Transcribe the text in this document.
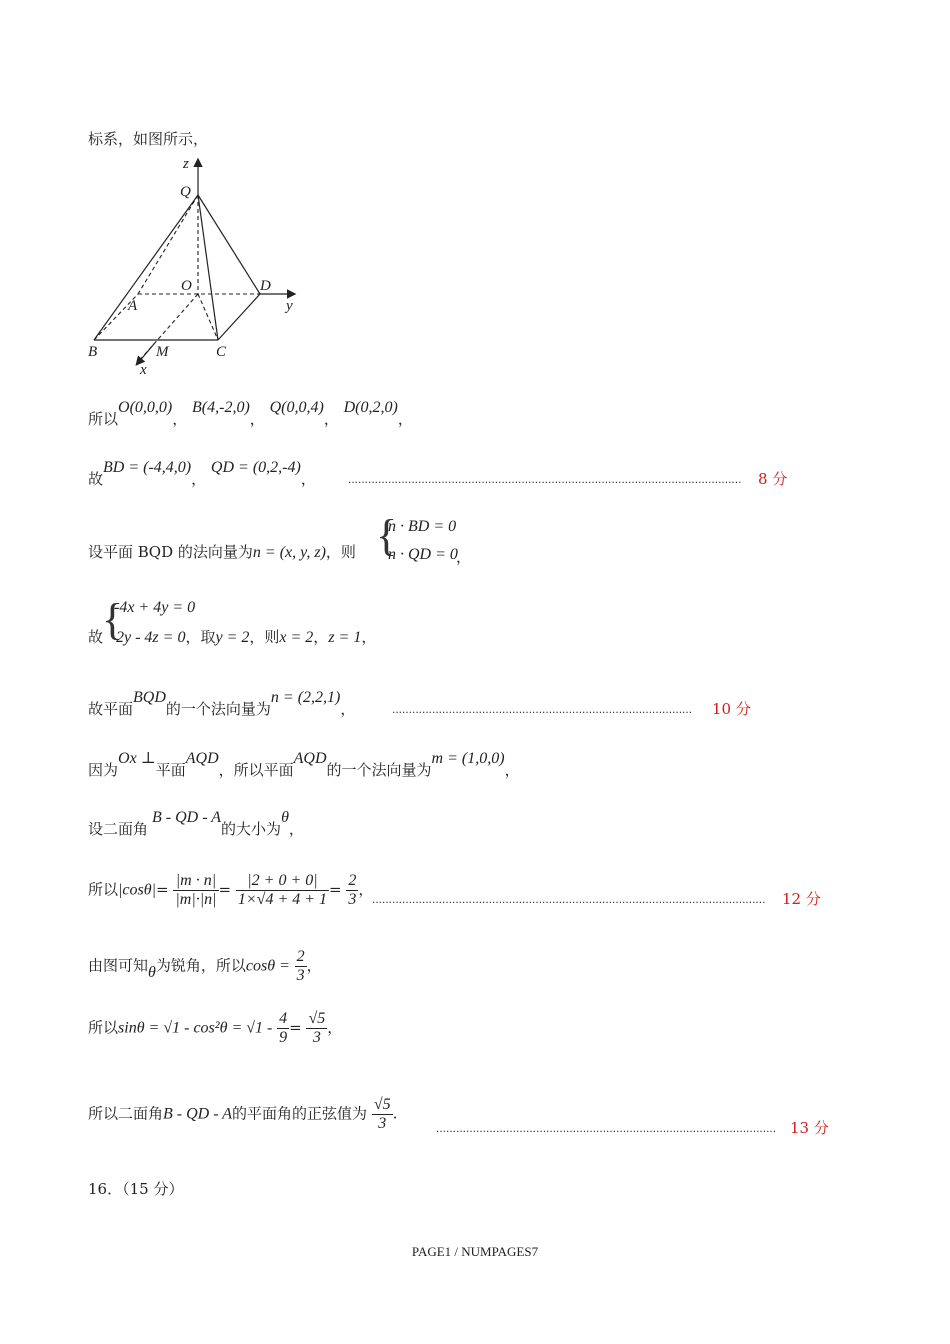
标系，如图所示，
z
Q
O	D
y
A
B	M	C
x
所以O(0,0,0)， B(4,-2,0)， Q(0,0,4)， D(0,2,0)，
故BD = (-4,4,0)， QD = (0,2,-4)，	......................................................................................................................	8 分
设平面 BQD 的法向量为n = (x, y, z)，则 {
n · BD = 0
n · QD = 0
，
故
{
-4x + 4y = 0
2y - 4z = 0，取y = 2，则x = 2，z = 1，
故平面BQD的一个法向量为n = (2,2,1)，	..........................................................................................	10 分
因为Ox ⊥平面AQD，所以平面AQD的一个法向量为m = (1,0,0)，
设二面角B - QD - A的大小为θ，
所以$|\cos\theta|= \frac{|m \cdot n|}{|m|\cdot|n|} = \frac{|2 + 0 + 0|}{1\times√4 + 4 + 1} = \frac{2}{3}$ ，
......................................................................................................................	12 分
由图可知θ为锐角，所以$\cos\theta = \frac{2}{3}$ ，
所以$\sin\theta = √1 - \cos^2\theta = √1 - \frac{4}{9} = \frac{√5}{3}$ ，
所以二面角B - QD - A的平面角的正弦值为 $\frac{√5}{3}$ .
...................................................................................................... 13 分
16．（15 分）
PAGE1 / NUMPAGES7
